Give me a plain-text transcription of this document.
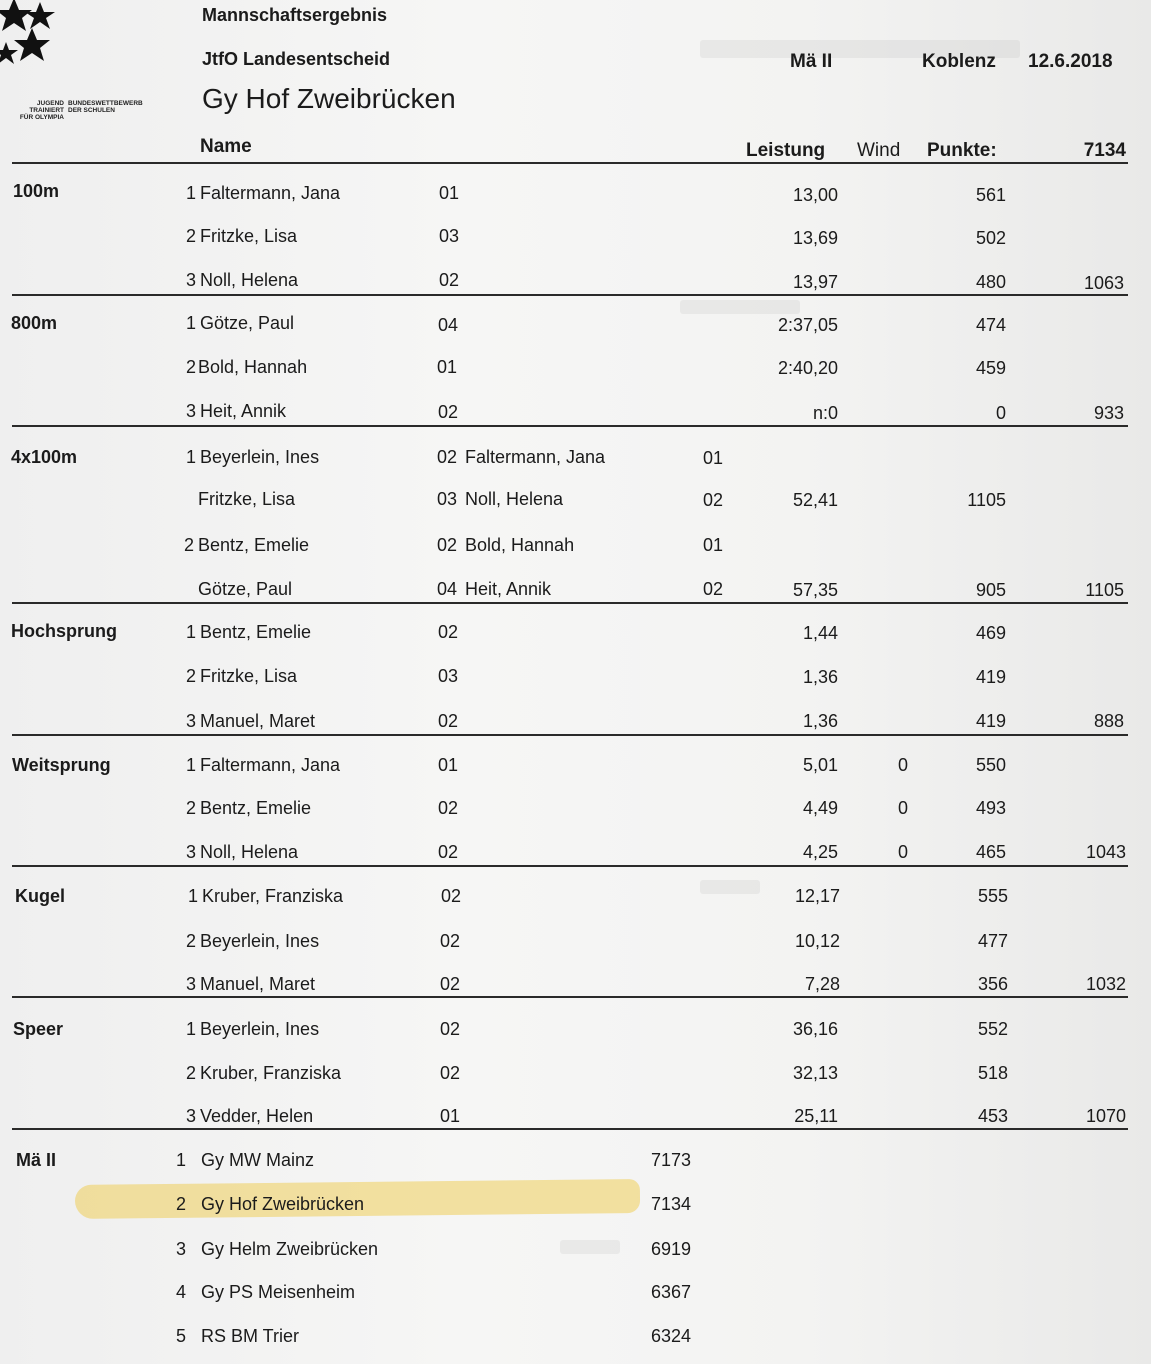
JUGEND TRAINIERT FÜR OLYMPIA
BUNDESWETTBEWERB DER SCHULEN
Mannschaftsergebnis
JtfO Landesentscheid	Mä II	Koblenz 12.6.2018
Gy Hof Zweibrücken
Name	Leistung Wind Punkte:	7134
100m	1 Faltermann, Jana	01	13,00	561
2 Fritzke, Lisa	03	13,69	502
3 Noll, Helena	02	13,97	480	1063
800m	1 Götze, Paul	04	2:37,05	474
2 Bold, Hannah	01	2:40,20	459
3 Heit, Annik	02	n:0	0	933
4x100m	1 Beyerlein, Ines	02 Faltermann, Jana	01
Fritzke, Lisa	03 Noll, Helena	02	52,41	1105
2 Bentz, Emelie	02 Bold, Hannah	01
Götze, Paul	04 Heit, Annik	02	57,35	905	1105
Hochsprung	1 Bentz, Emelie	02	1,44	469
2 Fritzke, Lisa	03	1,36	419
3 Manuel, Maret	02	1,36	419	888
Weitsprung	1 Faltermann, Jana	01	5,01	0	550
2 Bentz, Emelie	02	4,49	0	493
3 Noll, Helena	02	4,25	0	465	1043
Kugel	1 Kruber, Franziska	02	12,17	555
2 Beyerlein, Ines	02	10,12	477
3 Manuel, Maret	02	7,28	356	1032
Speer	1 Beyerlein, Ines	02	36,16	552
2 Kruber, Franziska	02	32,13	518
3 Vedder, Helen	01	25,11	453	1070
Mä II	1 Gy MW Mainz	7173
2 Gy Hof Zweibrücken	7134
3 Gy Helm Zweibrücken	6919
4 Gy PS Meisenheim	6367
5 RS BM Trier	6324
